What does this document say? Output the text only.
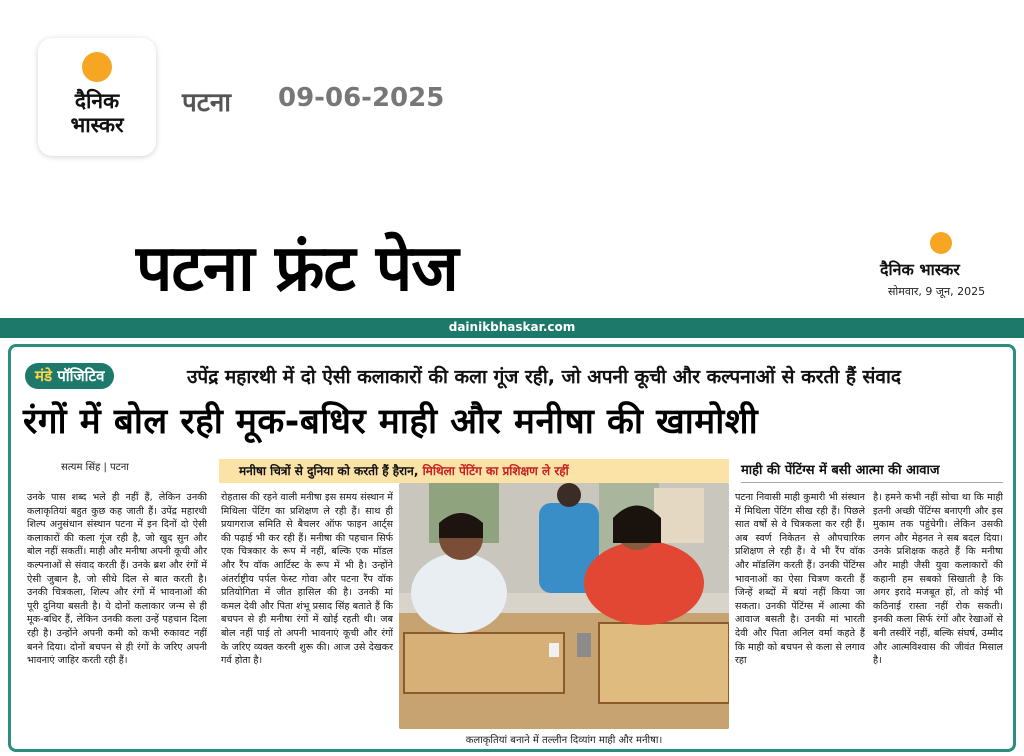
दैनिक
भास्कर
पटना 09-06-2025
पटना फ्रंट पेज	दैनिक भास्कर
सोमवार, 9 जून, 2025
dainikbhaskar.com
मंडे पॉजिटिव	उपेंद्र महारथी में दो ऐसी कलाकारों की कला गूंज रही, जो अपनी कूची और कल्पनाओं से करती हैं संवाद
रंगों में बोल रही मूक-बधिर माही और मनीषा की खामोशी
सत्यम सिंह | पटना	मनीषा चित्रों से दुनिया को करती हैं हैरान, मिथिला पेंटिंग का प्रशिक्षण ले रहीं	माही की पेंटिंग्स में बसी आत्मा की आवाज
उनके पास शब्द भले ही नहीं हैं, लेकिन उनकी कलाकृतियां बहुत कुछ कह जाती हैं। उपेंद्र महारथी शिल्प अनुसंधान संस्थान पटना में इन दिनों दो ऐसी कलाकारों की कला गूंज रही है, जो खुद सुन और बोल नहीं सकतीं। माही और मनीषा अपनी कूची और कल्पनाओं से संवाद करती हैं। उनके ब्रश और रंगों में ऐसी जुबान है, जो सीधे दिल से बात करती है। उनकी चित्रकला, शिल्प और रंगों में भावनाओं की पूरी दुनिया बसती है। ये दोनों कलाकार जन्म से ही मूक-बधिर हैं, लेकिन उनकी कला उन्हें पहचान दिला रही है। उन्होंने अपनी कमी को कभी रुकावट नहीं बनने दिया। दोनों बचपन से ही रंगों के जरिए अपनी भावनाएं जाहिर करती रही हैं।
रोहतास की रहने वाली मनीषा इस समय संस्थान में मिथिला पेंटिंग का प्रशिक्षण ले रही हैं। साथ ही प्रयागराज समिति से बैचलर ऑफ फाइन आर्ट्स की पढ़ाई भी कर रही हैं। मनीषा की पहचान सिर्फ एक चित्रकार के रूप में नहीं, बल्कि एक मॉडल और रैंप वॉक आर्टिस्ट के रूप में भी है। उन्होंने अंतर्राष्ट्रीय पर्पल फेस्ट गोवा और पटना रैंप वॉक प्रतियोगिता में जीत हासिल की है। उनकी मां कमल देवी और पिता शंभू प्रसाद सिंह बताते हैं कि बचपन से ही मनीषा रंगों में खोई रहती थी। जब बोल नहीं पाई तो अपनी भावनाएं कूची और रंगों के जरिए व्यक्त करनी शुरू की। आज उसे देखकर गर्व होता है।
कलाकृतियां बनाने में तल्लीन दिव्यांग माही और मनीषा।
पटना निवासी माही कुमारी भी संस्थान में मिथिला पेंटिंग सीख रही हैं। पिछले सात वर्षों से वे चित्रकला कर रही हैं। अब स्वर्ण निकेतन से औपचारिक प्रशिक्षण ले रही हैं। वे भी रैंप वॉक और मॉडलिंग करती हैं। उनकी पेंटिंग्स भावनाओं का ऐसा चित्रण करती हैं जिन्हें शब्दों में बयां नहीं किया जा सकता। उनकी पेंटिंग्स में आत्मा की आवाज बसती है। उनकी मां भारती देवी और पिता अनिल वर्मा कहते हैं कि माही को बचपन से कला से लगाव रहा
है। हमने कभी नहीं सोचा था कि माही इतनी अच्छी पेंटिंग्स बनाएगी और इस मुकाम तक पहुंचेगी। लेकिन उसकी लगन और मेहनत ने सब बदल दिया। उनके प्रशिक्षक कहते हैं कि मनीषा और माही जैसी युवा कलाकारों की कहानी हम सबको सिखाती है कि अगर इरादे मजबूत हों, तो कोई भी कठिनाई रास्ता नहीं रोक सकती। इनकी कला सिर्फ रंगों और रेखाओं से बनी तस्वीरें नहीं, बल्कि संघर्ष, उम्मीद और आत्मविश्वास की जीवंत मिसाल है।
